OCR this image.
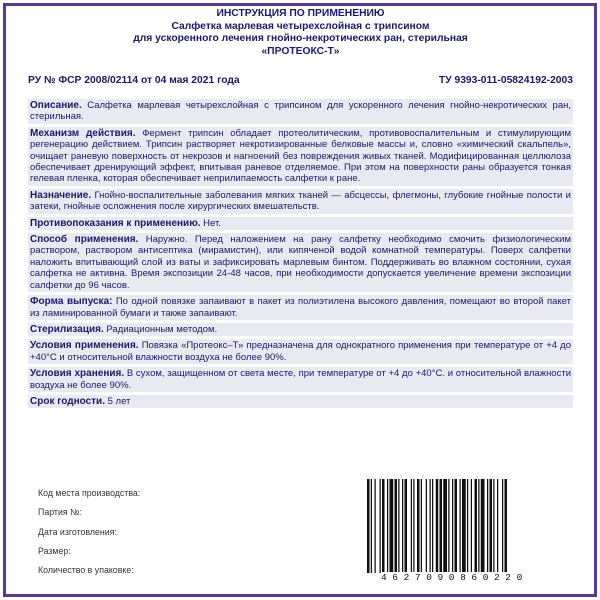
ИНСТРУКЦИЯ ПО ПРИМЕНЕНИЮ
Салфетка марлевая четырехслойная с трипсином
для ускоренного лечения гнойно-некротических ран, стерильная
«ПРОТЕОКС-Т»
РУ № ФСР 2008/02114 от 04 мая 2021 года	ТУ 9393-011-05824192-2003
Описание. Салфетка марлевая четырехслойная с трипсином для ускоренного лечения гнойно-некротических ран, стерильная.
Механизм действия. Фермент трипсин обладает протеолитическим, противовоспалительным и стимулирующим регенерацию действием. Трипсин растворяет некротизированные белковые массы и, словно «химический скальпель», очищает раневую поверхность от некрозов и нагноений без повреждения живых тканей. Модифицированная целлюлоза обеспечивает дренирующий эффект, впитывая раневое отделяемое. При этом на поверхности раны образуется тонкая гелевая пленка, которая обеспечивает неприлипаемость салфетки к ране.
Назначение. Гнойно-воспалительные заболевания мягких тканей — абсцессы, флегмоны, глубокие гнойные полости и затеки, гнойные осложнения после хирургических вмешательств.
Противопоказания к применению. Нет.
Способ применения. Наружно. Перед наложением на рану салфетку необходимо смочить физиологическим раствором, раствором антисептика (мирамистин), или кипяченой водой комнатной температуры. Поверх салфетки наложить впитывающий слой из ваты и зафиксировать марлевым бинтом. Поддерживать во влажном состоянии, сухая салфетка не активна. Время экспозиции 24-48 часов, при необходимости допускается увеличение времени экспозиции салфетки до 96 часов.
Форма выпуска: По одной повязке запаивают в пакет из полиэтилена высокого давления, помещают во второй пакет из ламинированной бумаги и также запаивают.
Стерилизация. Радиационным методом.
Условия применения. Повязка «Протеокс–Т» предназначена для однократного применения при температуре от +4 до +40°С и относительной влажности воздуха не более 90%.
Условия хранения. В сухом, защищенном от света месте, при температуре от +4 до +40°С. и относительной влажности воздуха не более 90%.
Срок годности. 5 лет
Код места производства:
Партия №:
Дата изготовления:
Размер:
Количество в упаковке:
4627090860220
